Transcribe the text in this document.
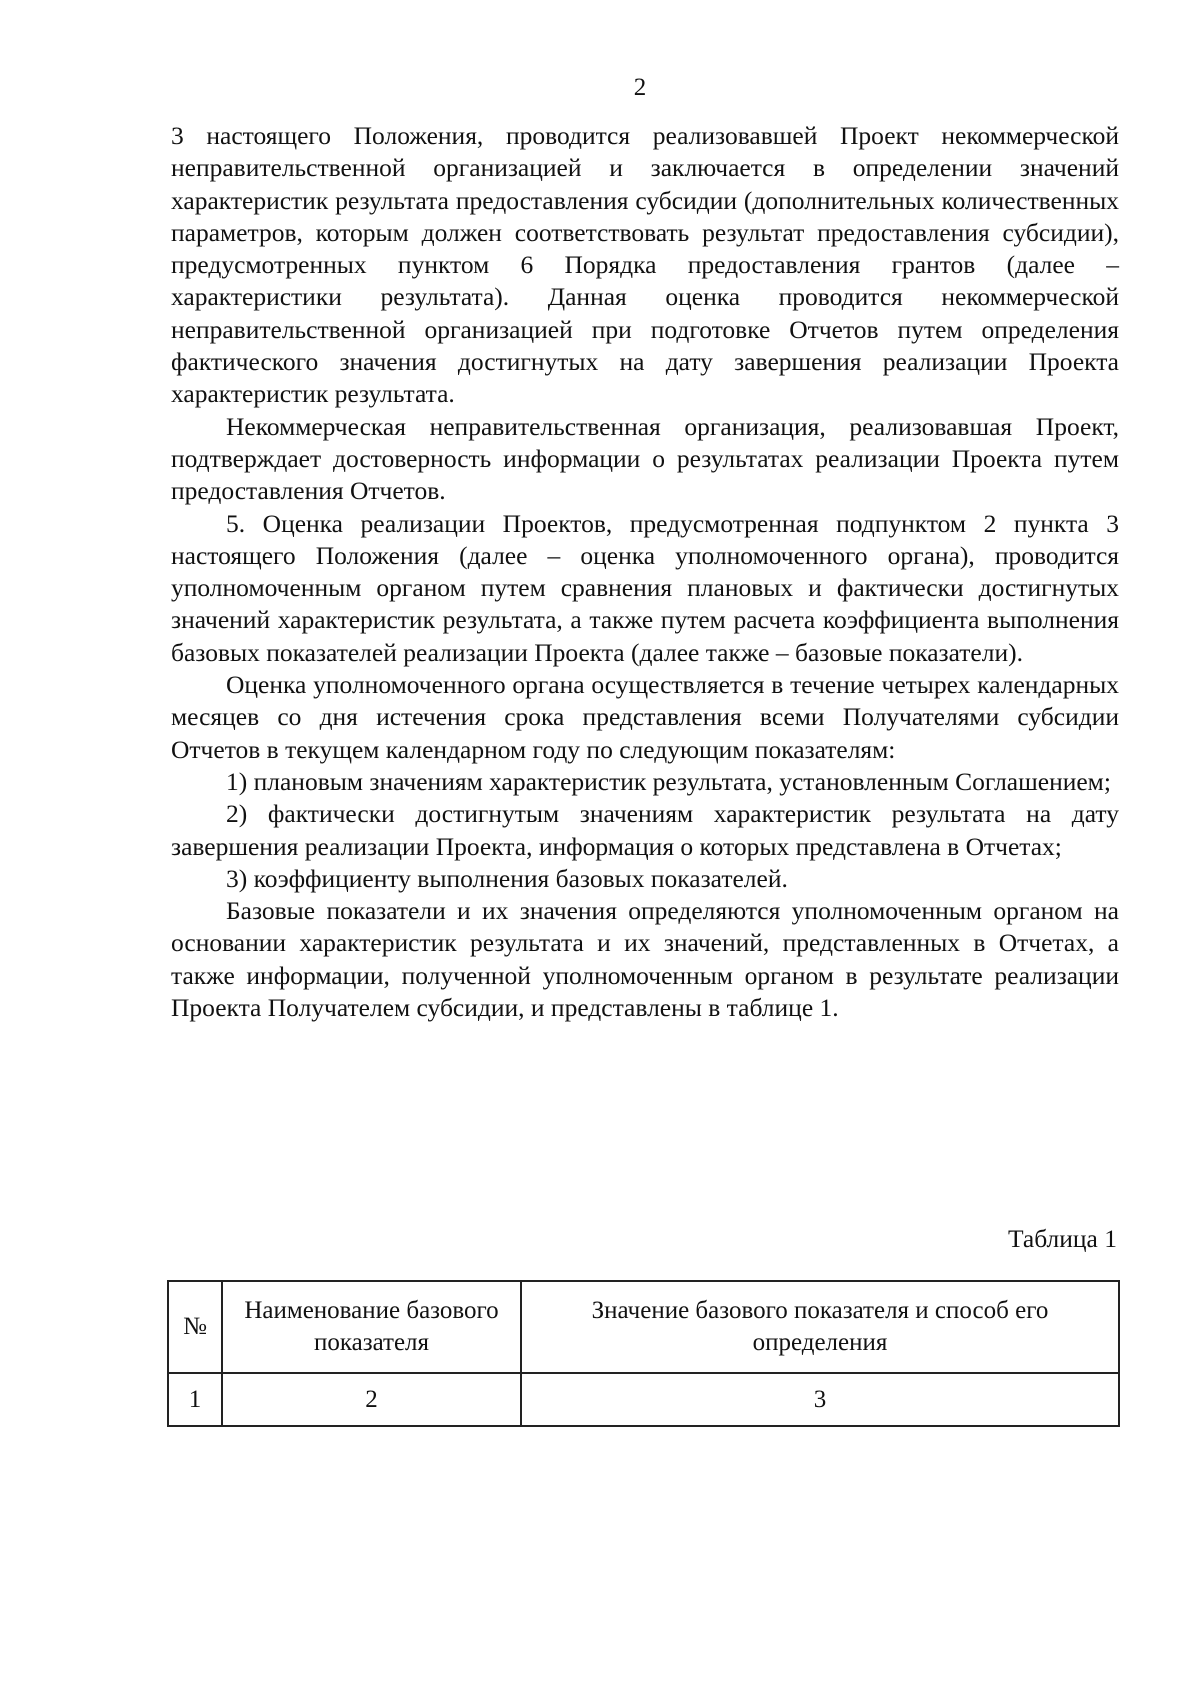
2

3 настоящего Положения, проводится реализовавшей Проект некоммерческой неправительственной организацией и заключается в определении значений характеристик результата предоставления субсидии (дополнительных количественных параметров, которым должен соответствовать результат предоставления субсидии), предусмотренных пунктом 6 Порядка предоставления грантов (далее – характеристики результата). Данная оценка проводится некоммерческой неправительственной организацией при подготовке Отчетов путем определения фактического значения достигнутых на дату завершения реализации Проекта характеристик результата.

Некоммерческая неправительственная организация, реализовавшая Проект, подтверждает достоверность информации о результатах реализации Проекта путем предоставления Отчетов.

5. Оценка реализации Проектов, предусмотренная подпунктом 2 пункта 3 настоящего Положения (далее – оценка уполномоченного органа), проводится уполномоченным органом путем сравнения плановых и фактически достигнутых значений характеристик результата, а также путем расчета коэффициента выполнения базовых показателей реализации Проекта (далее также – базовые показатели).

Оценка уполномоченного органа осуществляется в течение четырех календарных месяцев со дня истечения срока представления всеми Получателями субсидии Отчетов в текущем календарном году по следующим показателям:

1) плановым значениям характеристик результата, установленным Соглашением;

2) фактически достигнутым значениям характеристик результата на дату завершения реализации Проекта, информация о которых представлена в Отчетах;

3) коэффициенту выполнения базовых показателей.

Базовые показатели и их значения определяются уполномоченным органом на основании характеристик результата и их значений, представленных в Отчетах, а также информации, полученной уполномоченным органом в результате реализации Проекта Получателем субсидии, и представлены в таблице 1.

Таблица 1
№	Наименование базового показателя	Значение базового показателя и способ его определения
1	2	3
